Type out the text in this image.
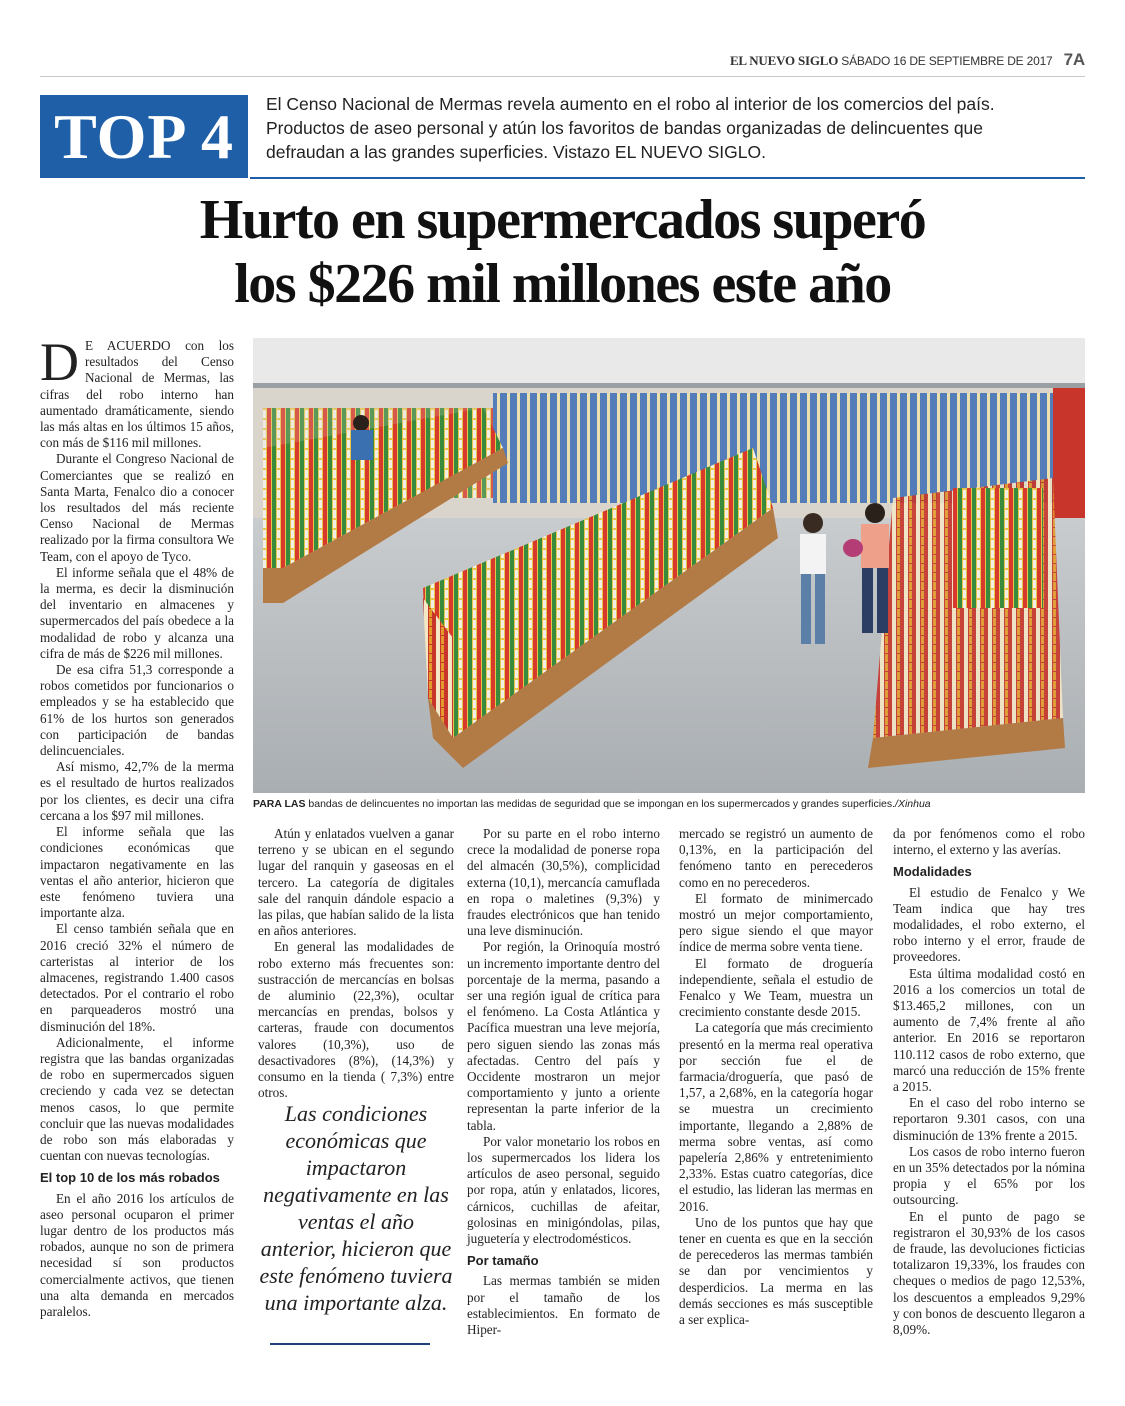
EL NUEVO SIGLO SÁBADO 16 DE SEPTIEMBRE DE 2017 7A
TOP 4	El Censo Nacional de Mermas revela aumento en el robo al interior de los comercios del país. Productos de aseo personal y atún los favoritos de bandas organizadas de delincuentes que defraudan a las grandes superficies. Vistazo EL NUEVO SIGLO.
Hurto en supermercados superó
los $226 mil millones este año

D E ACUERDO con los resultados del Censo Nacional de Mermas, las cifras del robo interno han aumentado dramáticamente, siendo las más altas en los últimos 15 años, con más de $116 mil millones.

Durante el Congreso Nacional de Comerciantes que se realizó en Santa Marta, Fenalco dio a conocer los resultados del más reciente Censo Nacional de Mermas realizado por la firma consultora We Team, con el apoyo de Tyco.

El informe señala que el 48% de la merma, es decir la disminución del inventario en almacenes y supermercados del país obedece a la modalidad de robo y alcanza una cifra de más de $226 mil millones.

De esa cifra 51,3 corresponde a robos cometidos por funcionarios o empleados y se ha establecido que 61% de los hurtos son generados con participación de bandas delincuenciales.

Así mismo, 42,7% de la merma es el resultado de hurtos realizados por los clientes, es decir una cifra cercana a los $97 mil millones.

El informe señala que las condiciones económicas que impactaron negativamente en las ventas el año anterior, hicieron que este fenómeno tuviera una importante alza.

El censo también señala que en 2016 creció 32% el número de carteristas al interior de los almacenes, registrando 1.400 casos detectados. Por el contrario el robo en parqueaderos mostró una disminución del 18%.

Adicionalmente, el informe registra que las bandas organizadas de robo en supermercados siguen creciendo y cada vez se detectan menos casos, lo que permite concluir que las nuevas modalidades de robo son más elaboradas y cuentan con nuevas tecnologías.

El top 10 de los más robados

En el año 2016 los artículos de aseo personal ocuparon el primer lugar dentro de los productos más robados, aunque no son de primera necesidad sí son productos comercialmente activos, que tienen una alta demanda en mercados paralelos.

PARA LAS bandas de delincuentes no importan las medidas de seguridad que se impongan en los supermercados y grandes superficies./Xinhua

Atún y enlatados vuelven a ganar terreno y se ubican en el segundo lugar del ranquin y gaseosas en el tercero. La categoría de digitales sale del ranquin dándole espacio a las pilas, que habían salido de la lista en años anteriores.

En general las modalidades de robo externo más frecuentes son: sustracción de mercancías en bolsas de aluminio (22,3%), ocultar mercancías en prendas, bolsos y carteras, fraude con documentos valores (10,3%), uso de desactivadores (8%), (14,3%) y consumo en la tienda ( 7,3%) entre otros.

Las condiciones económicas que impactaron negativamente en las ventas el año anterior, hicieron que este fenómeno tuviera una importante alza.

Por su parte en el robo interno crece la modalidad de ponerse ropa del almacén (30,5%), complicidad externa (10,1), mercancía camuflada en ropa o maletines (9,3%) y fraudes electrónicos que han tenido una leve disminución.

Por región, la Orinoquía mostró un incremento importante dentro del porcentaje de la merma, pasando a ser una región igual de crítica para el fenómeno. La Costa Atlántica y Pacífica muestran una leve mejoría, pero siguen siendo las zonas más afectadas. Centro del país y Occidente mostraron un mejor comportamiento y junto a oriente representan la parte inferior de la tabla.

Por valor monetario los robos en los supermercados los lidera los artículos de aseo personal, seguido por ropa, atún y enlatados, licores, cárnicos, cuchillas de afeitar, golosinas en minigóndolas, pilas, juguetería y electrodomésticos.

Por tamaño

Las mermas también se miden por el tamaño de los establecimientos. En formato de Hiper-

mercado se registró un aumento de 0,13%, en la participación del fenómeno tanto en perecederos como en no perecederos.

El formato de minimercado mostró un mejor comportamiento, pero sigue siendo el que mayor índice de merma sobre venta tiene.

El formato de droguería independiente, señala el estudio de Fenalco y We Team, muestra un crecimiento constante desde 2015.

La categoría que más crecimiento presentó en la merma real operativa por sección fue el de farmacia/droguería, que pasó de 1,57, a 2,68%, en la categoría hogar se muestra un crecimiento importante, llegando a 2,88% de merma sobre ventas, así como papelería 2,86% y entretenimiento 2,33%. Estas cuatro categorías, dice el estudio, las lideran las mermas en 2016.

Uno de los puntos que hay que tener en cuenta es que en la sección de perecederos las mermas también se dan por vencimientos y desperdicios. La merma en las demás secciones es más susceptible a ser explica-

da por fenómenos como el robo interno, el externo y las averías.

Modalidades

El estudio de Fenalco y We Team indica que hay tres modalidades, el robo externo, el robo interno y el error, fraude de proveedores.

Esta última modalidad costó en 2016 a los comercios un total de $13.465,2 millones, con un aumento de 7,4% frente al año anterior. En 2016 se reportaron 110.112 casos de robo externo, que marcó una reducción de 15% frente a 2015.

En el caso del robo interno se reportaron 9.301 casos, con una disminución de 13% frente a 2015.

Los casos de robo interno fueron en un 35% detectados por la nómina propia y el 65% por los outsourcing.

En el punto de pago se registraron el 30,93% de los casos de fraude, las devoluciones ficticias totalizaron 19,33%, los fraudes con cheques o medios de pago 12,53%, los descuentos a empleados 9,29% y con bonos de descuento llegaron a 8,09%.
